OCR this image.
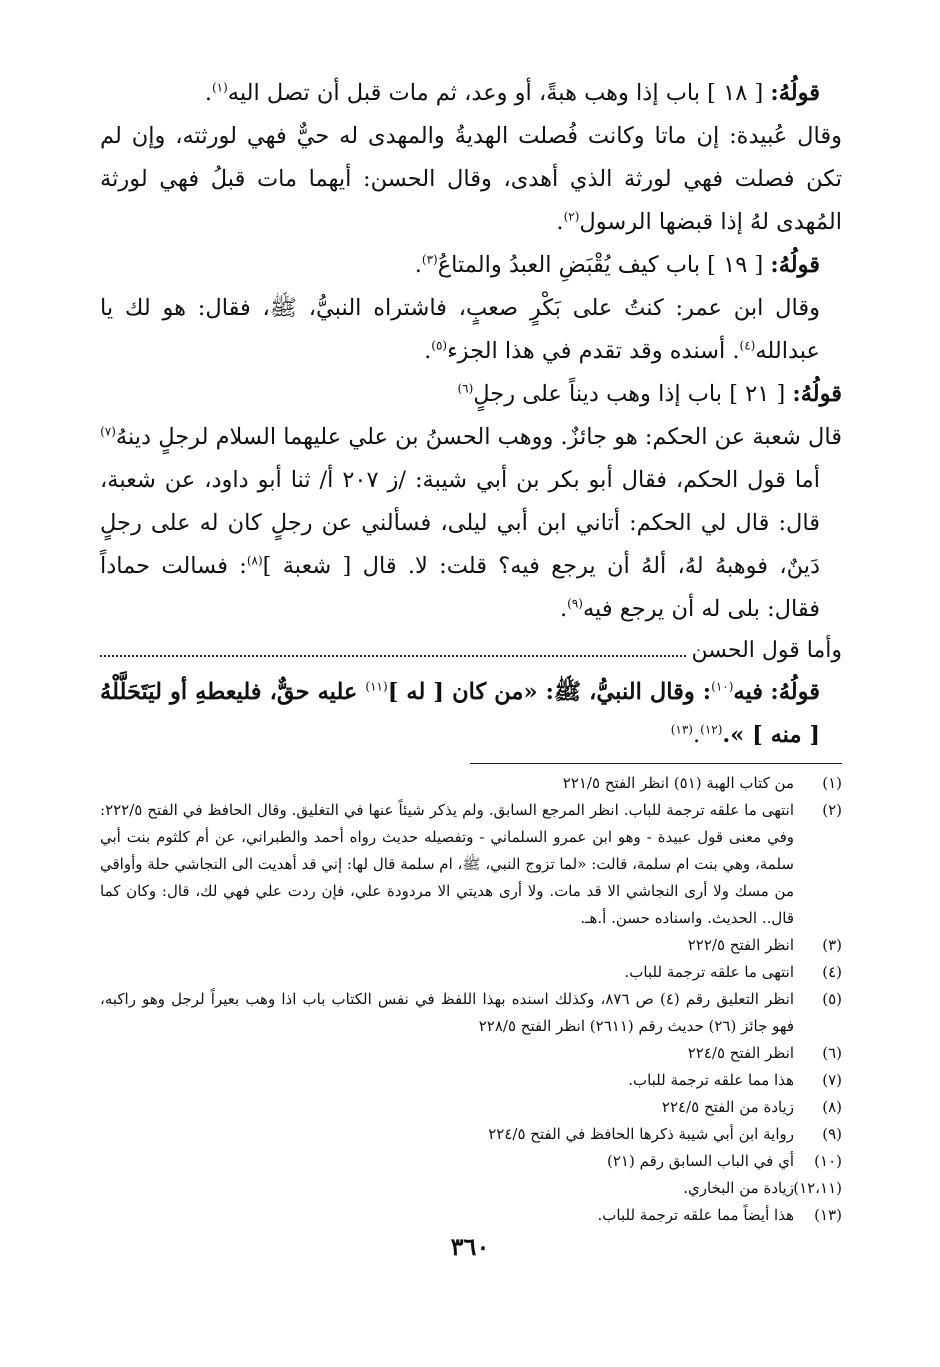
قولُهُ: [ ١٨ ] باب إذا وهب هبةً، أو وعد، ثم مات قبل أن تصل اليه$^{(١)}$.

وقال عُبيدة: إن ماتا وكانت فُصلت الهديةُ والمهدى له حيٌّ فهي لورثته، وإن لم تكن فصلت فهي لورثة الذي أهدى، وقال الحسن: أيهما مات قبلُ فهي لورثة المُهدى لهُ إذا قبضها الرسول$^{(٢)}$.

قولُهُ: [ ١٩ ] باب كيف يُقْبَضِ العبدُ والمتاعُ$^{(٣)}$.

وقال ابن عمر: كنتُ على بَكْرٍ صعبٍ، فاشتراه النبيُّ، ﷺ، فقال: هو لك يا عبدالله$^{(٤)}$. أسنده وقد تقدم في هذا الجزء$^{(٥)}$.

قولُهُ: [ ٢١ ] باب إذا وهب ديناً على رجلٍ$^{(٦)}$

قال شعبة عن الحكم: هو جائزٌ. ووهب الحسنُ بن علي عليهما السلام لرجلٍ دينهُ$^{(٧)}$

أما قول الحكم، فقال أبو بكر بن أبي شيبة: /ز ٢٠٧ أ/ ثنا أبو داود، عن شعبة، قال: قال لي الحكم: أتاني ابن أبي ليلى، فسألني عن رجلٍ كان له على رجلٍ دَينٌ، فوهبهُ لهُ، ألهُ أن يرجع فيه؟ قلت: لا. قال [ شعبة ]$^{(٨)}$: فسالت حماداً فقال: بلى له أن يرجع فيه$^{(٩)}$.

وأما قول الحسن

قولُهُ: فيه$^{(١٠)}$: وقال النبيُّ، ﷺ: «من كان [ له ]$^{(١١)}$ عليه حقٌّ، فليعطهِ أو ليَتَحَلَّلْهُ [ منه ] ».$^{(١٢)}$.$^{(١٣)}$

(١)
من كتاب الهبة (٥١) انظر الفتح ٢٢١/٥
(٢)
انتهى ما علقه ترجمة للباب. انظر المرجع السابق. ولم يذكر شيئاً عنها في التغليق. وقال الحافظ في الفتح ٢٢٢/٥: وفي معنى قول عبيدة - وهو ابن عمرو السلماني - وتفصيله حديث رواه أحمد والطبراني، عن أم كلثوم بنت أبي سلمة، وهي بنت ام سلمة، قالت: «لما تزوج النبي، ﷺ، ام سلمة قال لها: إني قد أهديت الى النجاشي حلة وأواقي من مسك ولا أرى النجاشي الا قد مات. ولا أرى هديتي الا مردودة علي، فإن ردت علي فهي لك، قال: وكان كما قال.. الحديث. واسناده حسن. أ.هـ.
(٣)
انظر الفتح ٢٢٢/٥
(٤)
انتهى ما علقه ترجمة للباب.
(٥)
انظر التعليق رقم (٤) ص ٨٧٦، وكذلك اسنده بهذا اللفظ في نفس الكتاب باب اذا وهب بعيراً لرجل وهو راكبه، فهو جائز (٢٦) حديث رقم (٢٦١١) انظر الفتح ٢٢٨/٥
(٦)
انظر الفتح ٢٢٤/٥
(٧)
هذا مما علقه ترجمة للباب.
(٨)
زيادة من الفتح ٢٢٤/٥
(٩)
رواية ابن أبي شيبة ذكرها الحافظ في الفتح ٢٢٤/٥
(١٠)
أي في الباب السابق رقم (٢١)
(١٢،١١)
زيادة من البخاري.
(١٣)
هذا أيضاً مما علقه ترجمة للباب.
٣٦٠
